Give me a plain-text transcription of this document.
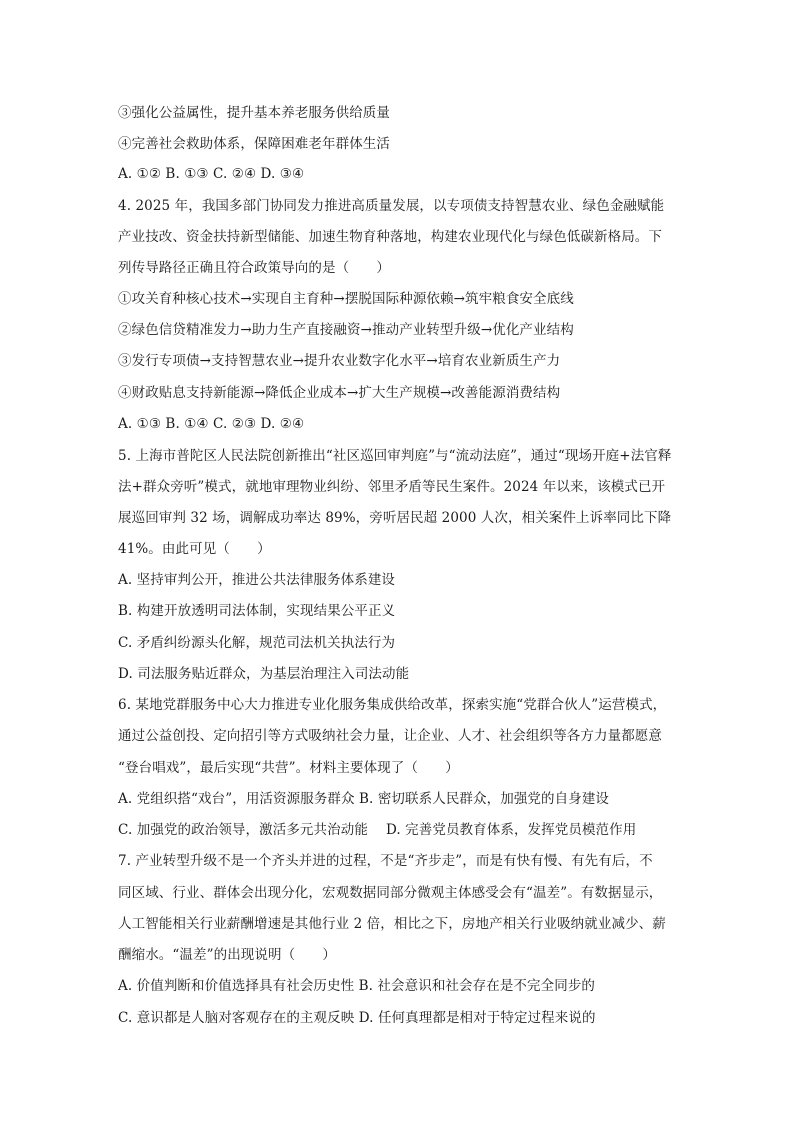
③强化公益属性，提升基本养老服务供给质量
④完善社会救助体系，保障困难老年群体生活
A. ①② B. ①③ C. ②④ D. ③④
4. 2025 年，我国多部门协同发力推进高质量发展，以专项债支持智慧农业、绿色金融赋能
产业技改、资金扶持新型储能、加速生物育种落地，构建农业现代化与绿色低碳新格局。下
列传导路径正确且符合政策导向的是（　　）
①攻关育种核心技术→实现自主育种→摆脱国际种源依赖→筑牢粮食安全底线
②绿色信贷精准发力→助力生产直接融资→推动产业转型升级→优化产业结构
③发行专项债→支持智慧农业→提升农业数字化水平→培育农业新质生产力
④财政贴息支持新能源→降低企业成本→扩大生产规模→改善能源消费结构
A. ①③ B. ①④ C. ②③ D. ②④
5. 上海市普陀区人民法院创新推出“社区巡回审判庭”与“流动法庭”，通过“现场开庭+法官释
法+群众旁听”模式，就地审理物业纠纷、邻里矛盾等民生案件。2024 年以来，该模式已开
展巡回审判 32 场，调解成功率达 89%，旁听居民超 2000 人次，相关案件上诉率同比下降
41%。由此可见（　　）
A. 坚持审判公开，推进公共法律服务体系建设
B. 构建开放透明司法体制，实现结果公平正义
C. 矛盾纠纷源头化解，规范司法机关执法行为
D. 司法服务贴近群众，为基层治理注入司法动能
6. 某地党群服务中心大力推进专业化服务集成供给改革，探索实施“党群合伙人”运营模式，
通过公益创投、定向招引等方式吸纳社会力量，让企业、人才、社会组织等各方力量都愿意
“登台唱戏”，最后实现“共营”。材料主要体现了（　　）
A. 党组织搭“戏台”，用活资源服务群众 B. 密切联系人民群众，加强党的自身建设
C. 加强党的政治领导，激活多元共治动能 D. 完善党员教育体系，发挥党员模范作用
7. 产业转型升级不是一个齐头并进的过程，不是“齐步走”，而是有快有慢、有先有后，不
同区域、行业、群体会出现分化，宏观数据同部分微观主体感受会有“温差”。有数据显示，
人工智能相关行业薪酬增速是其他行业 2 倍，相比之下，房地产相关行业吸纳就业减少、薪
酬缩水。“温差”的出现说明（　　）
A. 价值判断和价值选择具有社会历史性 B. 社会意识和社会存在是不完全同步的
C. 意识都是人脑对客观存在的主观反映 D. 任何真理都是相对于特定过程来说的
